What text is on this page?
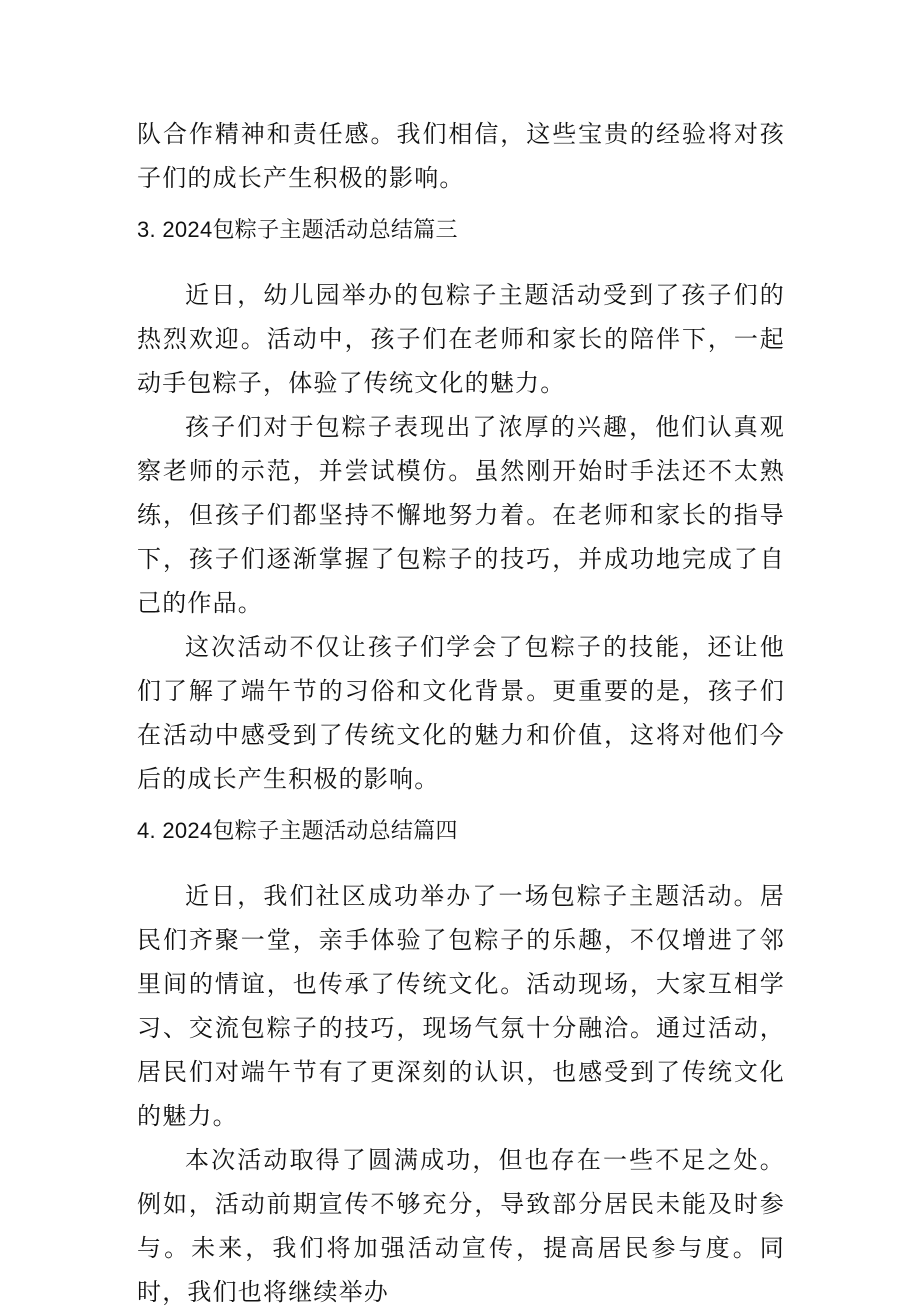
队合作精神和责任感。我们相信，这些宝贵的经验将对孩子们的成长产生积极的影响。

3. 2024包粽子主题活动总结篇三

近日，幼儿园举办的包粽子主题活动受到了孩子们的热烈欢迎。活动中，孩子们在老师和家长的陪伴下，一起动手包粽子，体验了传统文化的魅力。

孩子们对于包粽子表现出了浓厚的兴趣，他们认真观察老师的示范，并尝试模仿。虽然刚开始时手法还不太熟练，但孩子们都坚持不懈地努力着。在老师和家长的指导下，孩子们逐渐掌握了包粽子的技巧，并成功地完成了自己的作品。

这次活动不仅让孩子们学会了包粽子的技能，还让他们了解了端午节的习俗和文化背景。更重要的是，孩子们在活动中感受到了传统文化的魅力和价值，这将对他们今后的成长产生积极的影响。

4. 2024包粽子主题活动总结篇四

近日，我们社区成功举办了一场包粽子主题活动。居民们齐聚一堂，亲手体验了包粽子的乐趣，不仅增进了邻里间的情谊，也传承了传统文化。活动现场，大家互相学习、交流包粽子的技巧，现场气氛十分融洽。通过活动，居民们对端午节有了更深刻的认识，也感受到了传统文化的魅力。

本次活动取得了圆满成功，但也存在一些不足之处。例如，活动前期宣传不够充分，导致部分居民未能及时参与。未来，我们将加强活动宣传，提高居民参与度。同时，我们也将继续举办
